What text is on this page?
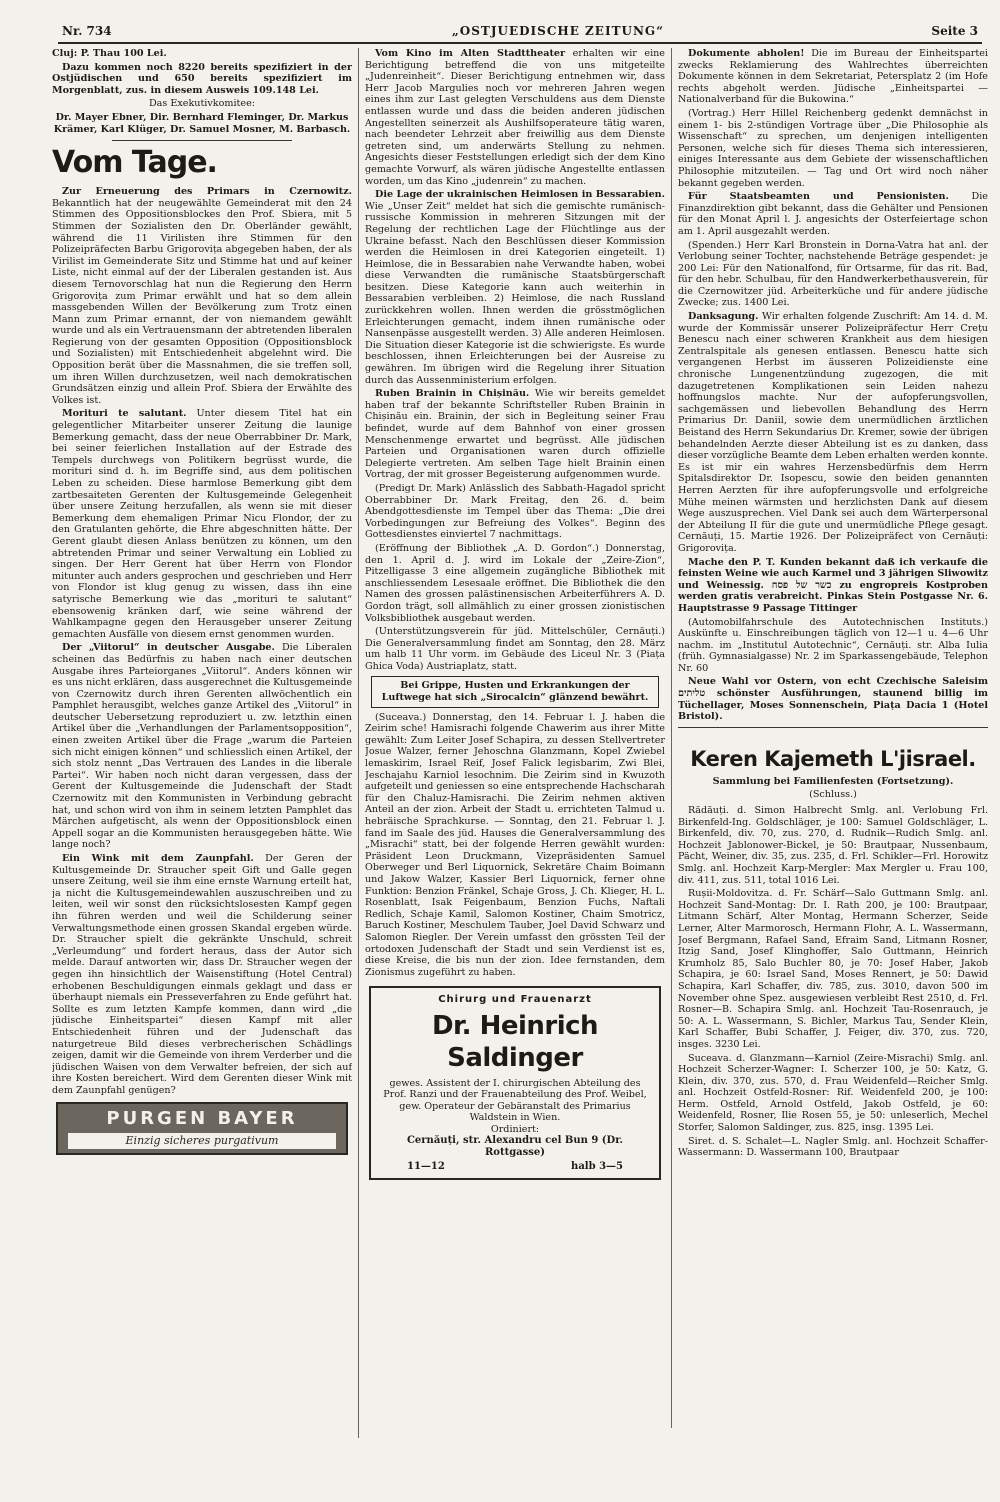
Nr. 734	„OSTJUEDISCHE ZEITUNG“	Seite 3

Cluj: P. Thau 100 Lei.

Dazu kommen noch 8220 bereits spezifiziert in der Ostjüdischen und 650 bereits spezifiziert im Morgenblatt, zus. in diesem Ausweis 109.148 Lei.

Das Exekutivkomitee:

Dr. Mayer Ebner, Dir. Bernhard Fleminger, Dr. Markus Krämer, Karl Klüger, Dr. Samuel Mosner, M. Barbasch.

Vom Tage.

Zur Erneuerung des Primars in Czernowitz. Bekanntlich hat der neugewählte Gemeinderat mit den 24 Stimmen des Oppositionsblockes den Prof. Sbiera, mit 5 Stimmen der Sozialisten den Dr. Oberländer gewählt, während die 11 Virilisten ihre Stimmen für den Polizeipräfecten Barbu Grigorovița abgegeben haben, der als Virilist im Gemeinderate Sitz und Stimme hat und auf keiner Liste, nicht einmal auf der der Liberalen gestanden ist. Aus diesem Ternovorschlag hat nun die Regierung den Herrn Grigorovița zum Primar erwählt und hat so dem allein massgebenden Willen der Bevölkerung zum Trotz einen Mann zum Primar ernannt, der von niemandem gewählt wurde und als ein Vertrauensmann der abtretenden liberalen Regierung von der gesamten Opposition (Oppositionsblock und Sozialisten) mit Entschiedenheit abgelehnt wird. Die Opposition berät über die Massnahmen, die sie treffen soll, um ihren Willen durchzusetzen, weil nach demokratischen Grundsätzen einzig und allein Prof. Sbiera der Erwählte des Volkes ist.

Morituri te salutant. Unter diesem Titel hat ein gelegentlicher Mitarbeiter unserer Zeitung die launige Bemerkung gemacht, dass der neue Oberrabbiner Dr. Mark, bei seiner feierlichen Installation auf der Estrade des Tempels durchwegs von Politikern begrüsst wurde, die morituri sind d. h. im Begriffe sind, aus dem politischen Leben zu scheiden. Diese harmlose Bemerkung gibt dem zartbesaiteten Gerenten der Kultusgemeinde Gelegenheit über unsere Zeitung herzufallen, als wenn sie mit dieser Bemerkung dem ehemaligen Primar Nicu Flondor, der zu den Gratulanten gehörte, die Ehre abgeschnitten hätte. Der Gerent glaubt diesen Anlass benützen zu können, um den abtretenden Primar und seiner Verwaltung ein Loblied zu singen. Der Herr Gerent hat über Herrn von Flondor mitunter auch anders gesprochen und geschrieben und Herr von Flondor ist klug genug zu wissen, dass ihn eine satyrische Bemerkung wie das „morituri te salutant“ ebensowenig kränken darf, wie seine während der Wahlkampagne gegen den Herausgeber unserer Zeitung gemachten Ausfälle von diesem ernst genommen wurden.

Der „Viitorul“ in deutscher Ausgabe. Die Liberalen scheinen das Bedürfnis zu haben nach einer deutschen Ausgabe ihres Parteiorganes „Viitorul“. Anders können wir es uns nicht erklären, dass ausgerechnet die Kultusgemeinde von Czernowitz durch ihren Gerenten allwöchentlich ein Pamphlet herausgibt, welches ganze Artikel des „Viitorul“ in deutscher Uebersetzung reproduziert u. zw. letzthin einen Artikel über die „Verhandlungen der Parlamentsopposition“, einen zweiten Artikel über die Frage „warum die Parteien sich nicht einigen können“ und schliesslich einen Artikel, der sich stolz nennt „Das Vertrauen des Landes in die liberale Partei“. Wir haben noch nicht daran vergessen, dass der Gerent der Kultusgemeinde die Judenschaft der Stadt Czernowitz mit den Kommunisten in Verbindung gebracht hat, und schon wird von ihm in seinem letzten Pamphlet das Märchen aufgetischt, als wenn der Oppositionsblock einen Appell sogar an die Kommunisten herausgegeben hätte. Wie lange noch?

Ein Wink mit dem Zaunpfahl. Der Geren der Kultusgemeinde Dr. Straucher speit Gift und Galle gegen unsere Zeitung, weil sie ihm eine ernste Warnung erteilt hat, ja nicht die Kultusgemeindewahlen auszuschreiben und zu leiten, weil wir sonst den rücksichtslosesten Kampf gegen ihn führen werden und weil die Schilderung seiner Verwaltungsmethode einen grossen Skandal ergeben würde. Dr. Straucher spielt die gekränkte Unschuld, schreit „Verleumdung“ und fordert heraus, dass der Autor sich melde. Darauf antworten wir, dass Dr. Straucher wegen der gegen ihn hinsichtlich der Waisenstiftung (Hotel Central) erhobenen Beschuldigungen einmals geklagt und dass er überhaupt niemals ein Presseverfahren zu Ende geführt hat. Sollte es zum letzten Kampfe kommen, dann wird „die jüdische Einheitspartei“ diesen Kampf mit aller Entschiedenheit führen und der Judenschaft das naturgetreue Bild dieses verbrecherischen Schädlings zeigen, damit wir die Gemeinde von ihrem Verderber und die jüdischen Waisen von dem Verwalter befreien, der sich auf ihre Kosten bereichert. Wird dem Gerenten dieser Wink mit dem Zaunpfahl genügen?

PURGEN BAYER
Einzig sicheres purgativum

Vom Kino im Alten Stadttheater erhalten wir eine Berichtigung betreffend die von uns mitgeteilte „Judenreinheit“. Dieser Berichtigung entnehmen wir, dass Herr Jacob Margulies noch vor mehreren Jahren wegen eines ihm zur Last gelegten Verschuldens aus dem Dienste entlassen wurde und dass die beiden anderen jüdischen Angestellten seinerzeit als Aushilfsoperateure tätig waren, nach beendeter Lehrzeit aber freiwillig aus dem Dienste getreten sind, um anderwärts Stellung zu nehmen. Angesichts dieser Feststellungen erledigt sich der dem Kino gemachte Vorwurf, als wären jüdische Angestellte entlassen worden, um das Kino „judenrein“ zu machen.

Die Lage der ukrainischen Heimlosen in Bessarabien. Wie „Unser Zeit“ meldet hat sich die gemischte rumänisch-russische Kommission in mehreren Sitzungen mit der Regelung der rechtlichen Lage der Flüchtlinge aus der Ukraine befasst. Nach den Beschlüssen dieser Kommission werden die Heimlosen in drei Kategorien eingeteilt. 1) Heimlose, die in Bessarabien nahe Verwandte haben, wobei diese Verwandten die rumänische Staatsbürgerschaft besitzen. Diese Kategorie kann auch weiterhin in Bessarabien verbleiben. 2) Heimlose, die nach Russland zurückkehren wollen. Ihnen werden die grösstmöglichen Erleichterungen gemacht, indem ihnen rumänische oder Nansenpässe ausgestellt werden. 3) Alle anderen Heimlosen. Die Situation dieser Kategorie ist die schwierigste. Es wurde beschlossen, ihnen Erleichterungen bei der Ausreise zu gewähren. Im übrigen wird die Regelung ihrer Situation durch das Aussenministerium erfolgen.

Ruben Brainin in Chișinău. Wie wir bereits gemeldet haben traf der bekannte Schriftsteller Ruben Brainin in Chișinău ein. Brainin, der sich in Begleitung seiner Frau befindet, wurde auf dem Bahnhof von einer grossen Menschenmenge erwartet und begrüsst. Alle jüdischen Parteien und Organisationen waren durch offizielle Delegierte vertreten. Am selben Tage hielt Brainin einen Vortrag, der mit grosser Begeisterung aufgenommen wurde.

(Predigt Dr. Mark) Anlässlich des Sabbath-Hagadol spricht Oberrabbiner Dr. Mark Freitag, den 26. d. beim Abendgottesdienste im Tempel über das Thema: „Die drei Vorbedingungen zur Befreiung des Volkes“. Beginn des Gottesdienstes einviertel 7 nachmittags.

(Eröffnung der Bibliothek „A. D. Gordon“.) Donnerstag, den 1. April d. J. wird im Lokale der „Zeire-Zion“, Pitzelligasse 3 eine allgemein zugängliche Bibliothek mit anschliessendem Lesesaale eröffnet. Die Bibliothek die den Namen des grossen palästinensischen Arbeiterführers A. D. Gordon trägt, soll allmählich zu einer grossen zionistischen Volksbibliothek ausgebaut werden.

(Unterstützungsverein für jüd. Mittelschüler, Cernăuți.) Die Generalversammlung findet am Sonntag, den 28. März um halb 11 Uhr vorm. im Gebäude des Liceul Nr. 3 (Piața Ghica Voda) Austriaplatz, statt.

Bei Grippe, Husten und Erkrankungen der Luftwege hat sich „Sirocalcin“ glänzend bewährt.

(Suceava.) Donnerstag, den 14. Februar l. J. haben die Zeirim sche! Hamisrachi folgende Chawerim aus ihrer Mitte gewählt: Zum Leiter Josef Schapira, zu dessen Stellvertreter Josue Walzer, ferner Jehoschna Glanzmann, Kopel Zwiebel lemaskirim, Israel Reif, Josef Falick legisbarim, Zwi Blei, Jeschajahu Karniol lesochnim. Die Zeirim sind in Kwuzoth aufgeteilt und geniessen so eine entsprechende Hachscharah für den Chaluz-Hamisrachi. Die Zeirim nehmen aktiven Anteil an der zion. Arbeit der Stadt u. errichteten Talmud u. hebräische Sprachkurse. — Sonntag, den 21. Februar l. J. fand im Saale des jüd. Hauses die Generalversammlung des „Misrachi“ statt, bei der folgende Herren gewählt wurden: Präsident Leon Druckmann, Vizepräsidenten Samuel Oberweger und Berl Liquornick, Sekretäre Chaim Boimann und Jakow Walzer, Kassier Berl Liquornick, ferner ohne Funktion: Benzion Fränkel, Schaje Gross, J. Ch. Klieger, H. L. Rosenblatt, Isak Feigenbaum, Benzion Fuchs, Naftali Redlich, Schaje Kamil, Salomon Kostiner, Chaim Smotricz, Baruch Kostiner, Meschulem Tauber, Joel David Schwarz und Salomon Riegler. Der Verein umfasst den grössten Teil der ortodoxen Judenschaft der Stadt und sein Verdienst ist es, diese Kreise, die bis nun der zion. Idee fernstanden, dem Zionismus zugeführt zu haben.

Chirurg und Frauenarzt
Dr. Heinrich Saldinger
gewes. Assistent der I. chirurgischen Abteilung des Prof. Ranzi und der Frauenabteilung des Prof. Weibel, gew. Operateur der Gebäranstalt des Primarius Waldstein in Wien.
Ordiniert:
Cernăuți, str. Alexandru cel Bun 9 (Dr. Rottgasse)
11—12	halb 3—5

Dokumente abholen! Die im Bureau der Einheitspartei zwecks Reklamierung des Wahlrechtes überreichten Dokumente können in dem Sekretariat, Petersplatz 2 (im Hofe rechts abgeholt werden. Jüdische „Einheitspartei — Nationalverband für die Bukowina.“

(Vortrag.) Herr Hillel Reichenberg gedenkt demnächst in einem 1- bis 2-stündigen Vortrage über „Die Philosophie als Wissenschaft“ zu sprechen, um denjenigen intelligenten Personen, welche sich für dieses Thema sich interessieren, einiges Interessante aus dem Gebiete der wissenschaftlichen Philosophie mitzuteilen. — Tag und Ort wird noch näher bekannt gegeben werden.

Für Staatsbeamten und Pensionisten. Die Finanzdirektion gibt bekannt, dass die Gehälter und Pensionen für den Monat April l. J. angesichts der Osterfeiertage schon am 1. April ausgezahlt werden.

(Spenden.) Herr Karl Bronstein in Dorna-Vatra hat anl. der Verlobung seiner Tochter, nachstehende Beträge gespendet: je 200 Lei: Für den Nationalfond, für Ortsarme, für das rit. Bad, für den hebr. Schulbau, für den Handwerkerbethausverein, für die Czernowitzer jüd. Arbeiterküche und für andere jüdische Zwecke; zus. 1400 Lei.

Danksagung. Wir erhalten folgende Zuschrift: Am 14. d. M. wurde der Kommissär unserer Polizeipräfectur Herr Crețu Benescu nach einer schweren Krankheit aus dem hiesigen Zentralspitale als genesen entlassen. Benescu hatte sich vergangenen Herbst im äusseren Polizeidienste eine chronische Lungenentzündung zugezogen, die mit dazugetretenen Komplikationen sein Leiden nahezu hoffnungslos machte. Nur der aufopferungsvollen, sachgemässen und liebevollen Behandlung des Herrn Primarius Dr. Daniil, sowie dem unermüdlichen ärztlichen Beistand des Herrn Sekundarius Dr. Kremer, sowie der übrigen behandelnden Aerzte dieser Abteilung ist es zu danken, dass dieser vorzügliche Beamte dem Leben erhalten werden konnte. Es ist mir ein wahres Herzensbedürfnis dem Herrn Spitalsdirektor Dr. Isopescu, sowie den beiden genannten Herren Aerzten für ihre aufopferungsvolle und erfolgreiche Mühe meinen wärmsten und herzlichsten Dank auf diesem Wege auszusprechen. Viel Dank sei auch dem Wärterpersonal der Abteilung II für die gute und unermüdliche Pflege gesagt. Cernăuți, 15. Martie 1926. Der Polizeipräfect von Cernăuți: Grigorovița.

Mache den P. T. Kunden bekannt daß ich verkaufe die feinsten Weine wie auch Karmel und 3 jährigen Sliwowitz und Weinessig. כשר של פסח zu engropreis Kostproben werden gratis verabreicht. Pinkas Stein Postgasse Nr. 6. Hauptstrasse 9 Passage Tittinger

(Automobilfahrschule des Autotechnischen Instituts.) Auskünfte u. Einschreibungen täglich von 12—1 u. 4—6 Uhr nachm. im „Institutul Autotechnic“, Cernăuți. str. Alba Iulia (früh. Gymnasialgasse) Nr. 2 im Sparkassengebäude, Telephon Nr. 60

Neue Wahl vor Ostern, von echt Czechische Saleisim טליתים schönster Ausführungen, staunend billig im Tüchellager, Moses Sonnenschein, Piața Dacia 1 (Hotel Bristol).

Keren Kajemeth L'jisrael.

Sammlung bei Familienfesten (Fortsetzung).

(Schluss.)

Rădăuți. d. Simon Halbrecht Smlg. anl. Verlobung Frl. Birkenfeld-Ing. Goldschläger, je 100: Samuel Goldschläger, L. Birkenfeld, div. 70, zus. 270, d. Rudnik—Rudich Smlg. anl. Hochzeit Jablonower-Bickel, je 50: Brautpaar, Nussenbaum, Pächt, Weiner, div. 35, zus. 235, d. Frl. Schikler—Frl. Horowitz Smlg. anl. Hochzeit Karp-Mergler: Max Mergler u. Frau 100, div. 411, zus. 511, total 1016 Lei.

Rușii-Moldovitza. d. Fr. Schärf—Salo Guttmann Smlg. anl. Hochzeit Sand-Montag: Dr. I. Rath 200, je 100: Brautpaar, Litmann Schärf, Alter Montag, Hermann Scherzer, Seide Lerner, Alter Marmorosch, Hermann Flohr, A. L. Wassermann, Josef Bergmann, Rafael Sand, Efraim Sand, Litmann Rosner, Itzig Sand, Josef Klinghoffer, Salo Guttmann, Heinrich Krumholz 85, Salo Buchler 80, je 70: Josef Haber, Jakob Schapira, je 60: Israel Sand, Moses Rennert, je 50: Dawid Schapira, Karl Schaffer, div. 785, zus. 3010, davon 500 im November ohne Spez. ausgewiesen verbleibt Rest 2510, d. Frl. Rosner—B. Schapira Smlg. anl. Hochzeit Tau-Rosenrauch, je 50: A. L. Wassermann, S. Bichler, Markus Tau, Sender Klein, Karl Schaffer, Bubi Schaffer, J. Feiger, div. 370, zus. 720, insges. 3230 Lei.

Suceava. d. Glanzmann—Karniol (Zeire-Misrachi) Smlg. anl. Hochzeit Scherzer-Wagner: I. Scherzer 100, je 50: Katz, G. Klein, div. 370, zus. 570, d. Frau Weidenfeld—Reicher Smlg. anl. Hochzeit Ostfeld-Rosner: Rif. Weidenfeld 200, je 100: Herm. Ostfeld, Arnold Ostfeld, Jakob Ostfeld, je 60: Weidenfeld, Rosner, Ilie Rosen 55, je 50: unleserlich, Mechel Storfer, Salomon Saldinger, zus. 825, insg. 1395 Lei.

Siret. d. S. Schalet—L. Nagler Smlg. anl. Hochzeit Schaffer-Wassermann: D. Wassermann 100, Brautpaar
